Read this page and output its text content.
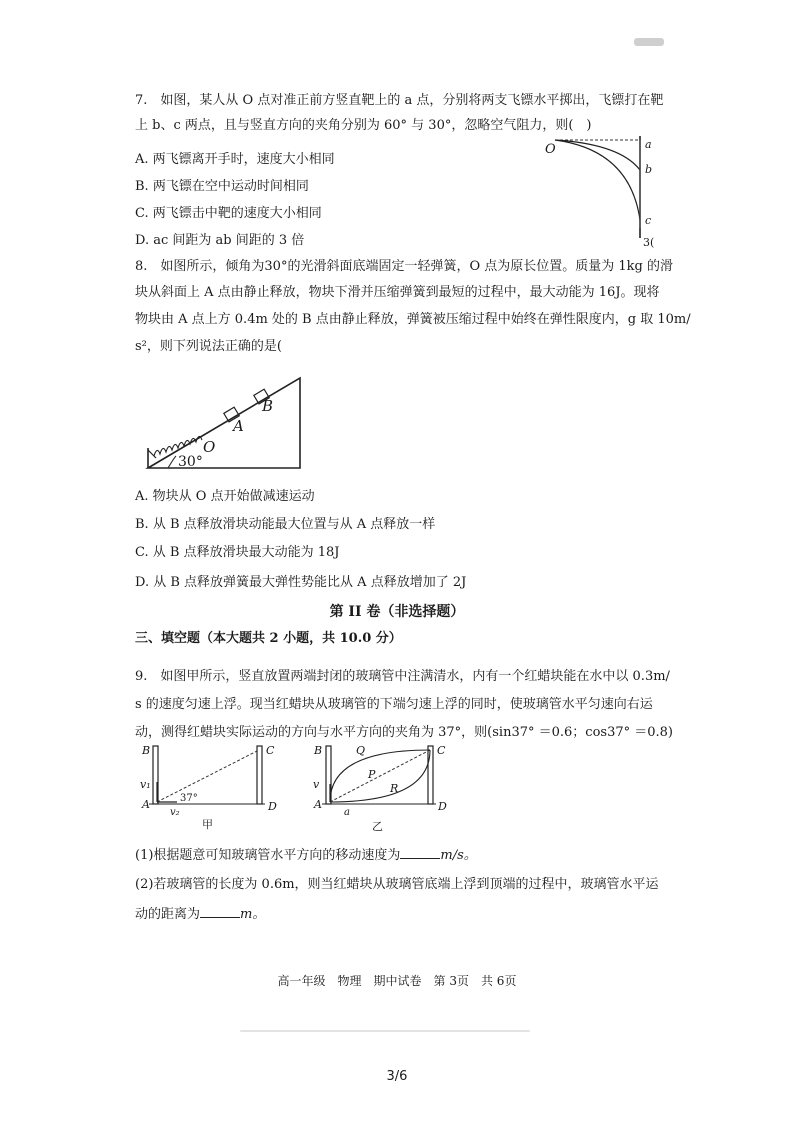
7.　如图，某人从 O 点对准正前方竖直靶上的 a 点，分别将两支飞镖水平掷出，飞镖打在靶
上 b、c 两点，且与竖直方向的夹角分别为 60° 与 30°，忽略空气阻力，则(　)
A. 两飞镖离开手时，速度大小相同
B. 两飞镖在空中运动时间相同
C. 两飞镖击中靶的速度大小相同
D. ac 间距为 ab 间距的 3 倍
O	a
b
c
3(
8.　如图所示，倾角为30°的光滑斜面底端固定一轻弹簧，O 点为原长位置。质量为 1kg 的滑
块从斜面上 A 点由静止释放，物块下滑并压缩弹簧到最短的过程中，最大动能为 16J。现将
物块由 A 点上方 0.4m 处的 B 点由静止释放，弹簧被压缩过程中始终在弹性限度内，g 取 10m/
s²，则下列说法正确的是(
B
A
O
30°
A. 物块从 O 点开始做减速运动
B. 从 B 点释放滑块动能最大位置与从 A 点释放一样
C. 从 B 点释放滑块最大动能为 18J
D. 从 B 点释放弹簧最大弹性势能比从 A 点释放增加了 2J
第 II 卷（非选择题）
三、填空题（本大题共 2 小题，共 10.0 分）
9.　如图甲所示，竖直放置两端封闭的玻璃管中注满清水，内有一个红蜡块能在水中以 0.3m/
s 的速度匀速上浮。现当红蜡块从玻璃管的下端匀速上浮的同时，使玻璃管水平匀速向右运
动，测得红蜡块实际运动的方向与水平方向的夹角为 37°，则(sin37° ＝0.6；cos37° ＝0.8)
B	C
v₁
A	37°
v₂	D
甲
B	Q	C
P
v	R
A
a	D
乙
(1)根据题意可知玻璃管水平方向的移动速度为	m/s。
(2)若玻璃管的长度为 0.6m，则当红蜡块从玻璃管底端上浮到顶端的过程中，玻璃管水平运
动的距离为	m。
高一年级　物理　期中试卷　第 3页　共 6页
3/6
